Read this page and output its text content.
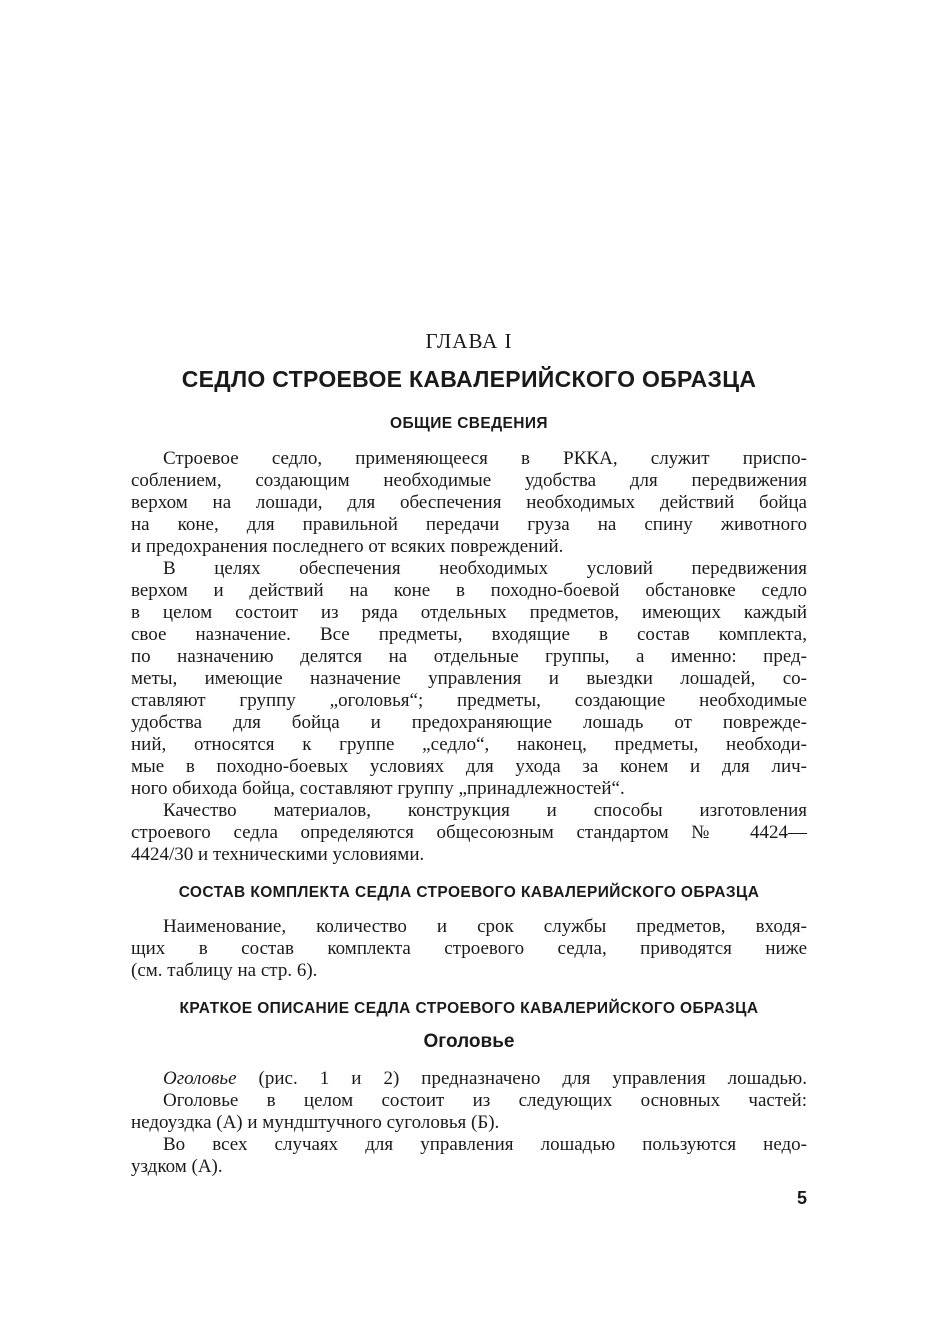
ГЛАВА I
СЕДЛО СТРОЕВОЕ КАВАЛЕРИЙСКОГО ОБРАЗЦА
ОБЩИЕ СВЕДЕНИЯ
Строевое седло, применяющееся в РККА, служит приспо-
соблением, создающим необходимые удобства для передвижения
верхом на лошади, для обеспечения необходимых действий бойца
на коне, для правильной передачи груза на спину животного
и предохранения последнего от всяких повреждений.
В целях обеспечения необходимых условий передвижения
верхом и действий на коне в походно-боевой обстановке седло
в целом состоит из ряда отдельных предметов, имеющих каждый
свое назначение. Все предметы, входящие в состав комплекта,
по назначению делятся на отдельные группы, а именно: пред-
меты, имеющие назначение управления и выездки лошадей, со-
ставляют группу „оголовья“; предметы, создающие необходимые
удобства для бойца и предохраняющие лошадь от поврежде-
ний, относятся к группе „седло“, наконец, предметы, необходи-
мые в походно-боевых условиях для ухода за конем и для лич-
ного обихода бойца, составляют группу „принадлежностей“.
Качество материалов, конструкция и способы изготовления
строевого седла определяются общесоюзным стандартом № 4424—
4424/30 и техническими условиями.
СОСТАВ КОМПЛЕКТА СЕДЛА СТРОЕВОГО КАВАЛЕРИЙСКОГО ОБРАЗЦА
Наименование, количество и срок службы предметов, входя-
щих в состав комплекта строевого седла, приводятся ниже
(см. таблицу на стр. 6).
КРАТКОЕ ОПИСАНИЕ СЕДЛА СТРОЕВОГО КАВАЛЕРИЙСКОГО ОБРАЗЦА
Оголовье
Оголовье (рис. 1 и 2) предназначено для управления лошадью.
Оголовье в целом состоит из следующих основных частей:
недоуздка (А) и мундштучного суголовья (Б).
Во всех случаях для управления лошадью пользуются недо-
уздком (А).
5
